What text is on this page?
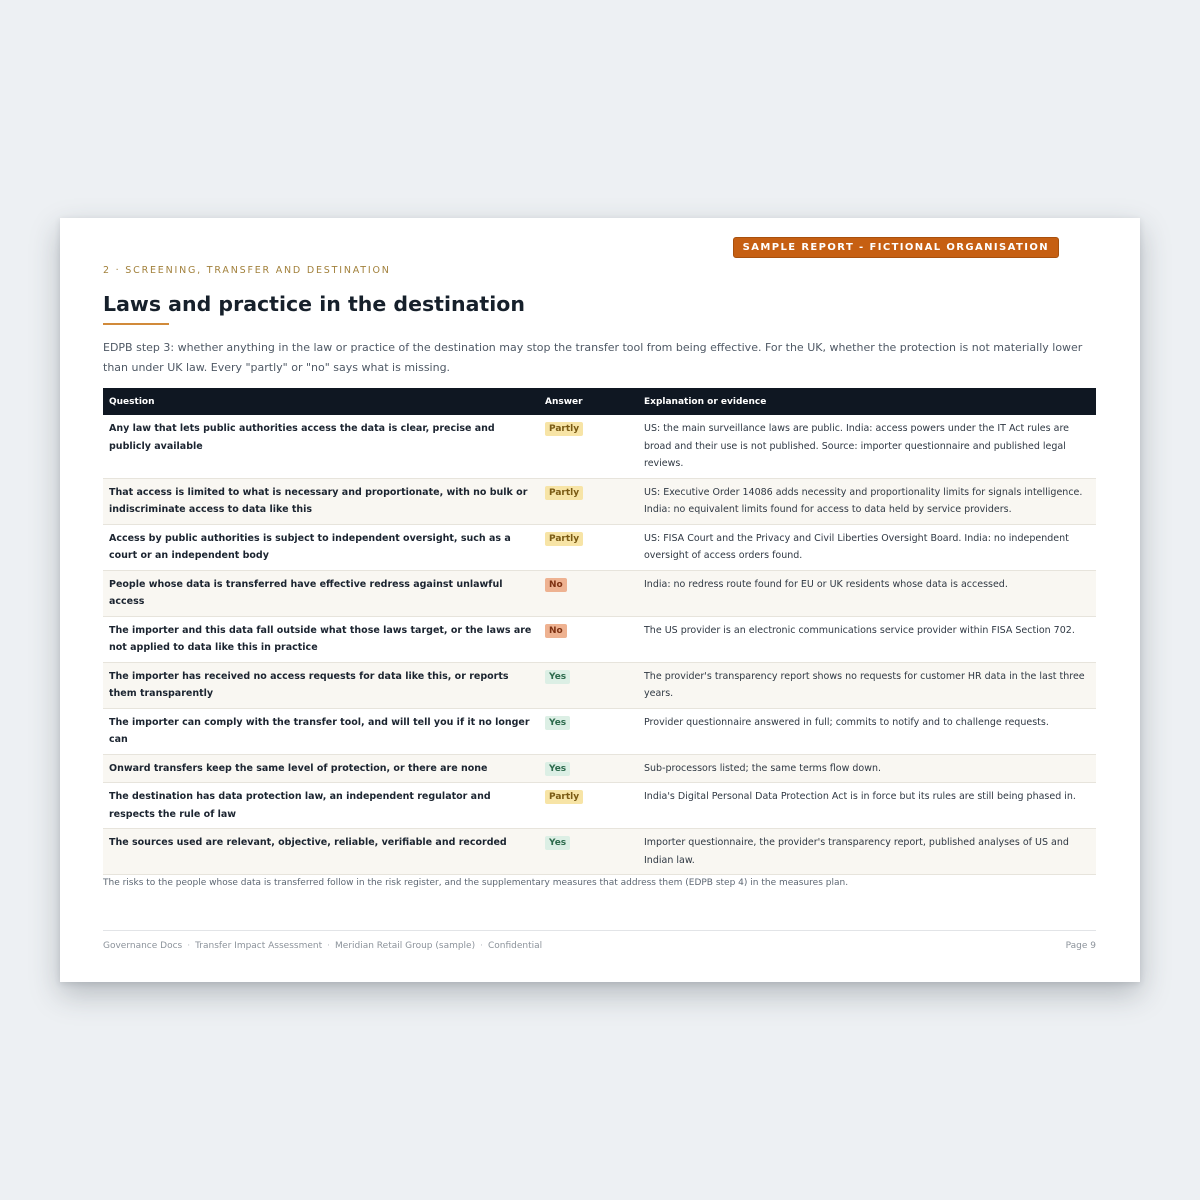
SAMPLE REPORT - FICTIONAL ORGANISATION
2 · SCREENING, TRANSFER AND DESTINATION
Laws and practice in the destination

EDPB step 3: whether anything in the law or practice of the destination may stop the transfer tool from being effective. For the UK, whether the protection is not materially lower than under UK law. Every "partly" or "no" says what is missing.

Question	Answer	Explanation or evidence
Any law that lets public authorities access the data is clear, precise and publicly available	Partly	US: the main surveillance laws are public. India: access powers under the IT Act rules are broad and their use is not published. Source: importer questionnaire and published legal reviews.
That access is limited to what is necessary and proportionate, with no bulk or indiscriminate access to data like this	Partly	US: Executive Order 14086 adds necessity and proportionality limits for signals intelligence. India: no equivalent limits found for access to data held by service providers.
Access by public authorities is subject to independent oversight, such as a court or an independent body	Partly	US: FISA Court and the Privacy and Civil Liberties Oversight Board. India: no independent oversight of access orders found.
People whose data is transferred have effective redress against unlawful access	No	India: no redress route found for EU or UK residents whose data is accessed.
The importer and this data fall outside what those laws target, or the laws are not applied to data like this in practice	No	The US provider is an electronic communications service provider within FISA Section 702.
The importer has received no access requests for data like this, or reports them transparently	Yes	The provider's transparency report shows no requests for customer HR data in the last three years.
The importer can comply with the transfer tool, and will tell you if it no longer can	Yes	Provider questionnaire answered in full; commits to notify and to challenge requests.
Onward transfers keep the same level of protection, or there are none	Yes	Sub-processors listed; the same terms flow down.
The destination has data protection law, an independent regulator and respects the rule of law	Partly	India's Digital Personal Data Protection Act is in force but its rules are still being phased in.
The sources used are relevant, objective, reliable, verifiable and recorded	Yes	Importer questionnaire, the provider's transparency report, published analyses of US and Indian law.

The risks to the people whose data is transferred follow in the risk register, and the supplementary measures that address them (EDPB step 4) in the measures plan.

Governance Docs · Transfer Impact Assessment · Meridian Retail Group (sample) · Confidential	Page 9
